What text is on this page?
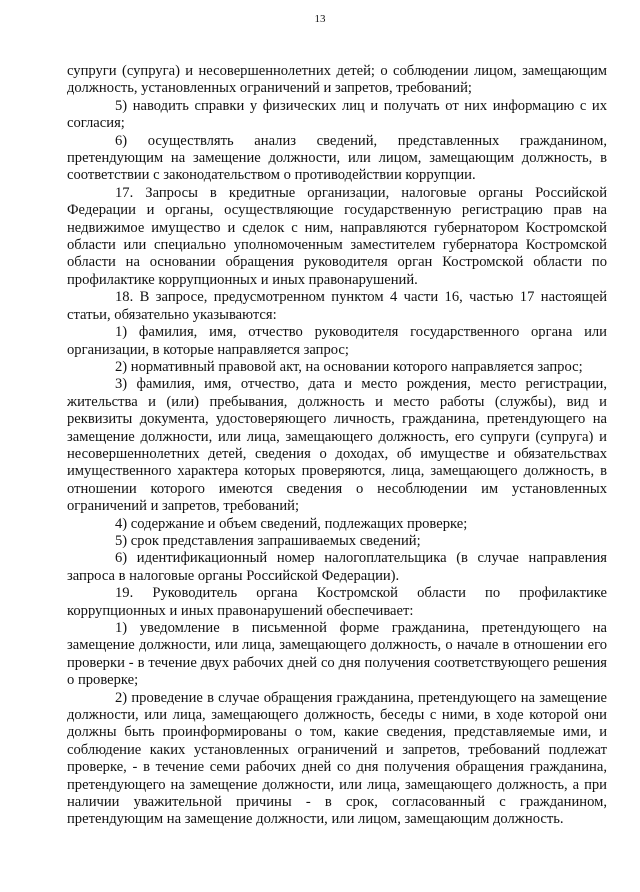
13

супруги (супруга) и несовершеннолетних детей; о соблюдении лицом, замещающим должность, установленных ограничений и запретов, требований;

5) наводить справки у физических лиц и получать от них информацию с их согласия;

6) осуществлять анализ сведений, представленных гражданином, претендующим на замещение должности, или лицом, замещающим должность, в соответствии с законодательством о противодействии коррупции.

17. Запросы в кредитные организации, налоговые органы Российской Федерации и органы, осуществляющие государственную регистрацию прав на недвижимое имущество и сделок с ним, направляются губернатором Костромской области или специально уполномоченным заместителем губернатора Костромской области на основании обращения руководителя орган Костромской области по профилактике коррупционных и иных правонарушений.

18. В запросе, предусмотренном пунктом 4 части 16, частью 17 настоящей статьи, обязательно указываются:

1) фамилия, имя, отчество руководителя государственного органа или организации, в которые направляется запрос;

2) нормативный правовой акт, на основании которого направляется запрос;

3) фамилия, имя, отчество, дата и место рождения, место регистрации, жительства и (или) пребывания, должность и место работы (службы), вид и реквизиты документа, удостоверяющего личность, гражданина, претендующего на замещение должности, или лица, замещающего должность, его супруги (супруга) и несовершеннолетних детей, сведения о доходах, об имуществе и обязательствах имущественного характера которых проверяются, лица, замещающего должность, в отношении которого имеются сведения о несоблюдении им установленных ограничений и запретов, требований;

4) содержание и объем сведений, подлежащих проверке;

5) срок представления запрашиваемых сведений;

6) идентификационный номер налогоплательщика (в случае направления запроса в налоговые органы Российской Федерации).

19. Руководитель органа Костромской области по профилактике коррупционных и иных правонарушений обеспечивает:

1) уведомление в письменной форме гражданина, претендующего на замещение должности, или лица, замещающего должность, о начале в отношении его проверки - в течение двух рабочих дней со дня получения соответствующего решения о проверке;

2) проведение в случае обращения гражданина, претендующего на замещение должности, или лица, замещающего должность, беседы с ними, в ходе которой они должны быть проинформированы о том, какие сведения, представляемые ими, и соблюдение каких установленных ограничений и запретов, требований подлежат проверке, - в течение семи рабочих дней со дня получения обращения гражданина, претендующего на замещение должности, или лица, замещающего должность, а при наличии уважительной причины - в срок, согласованный с гражданином, претендующим на замещение должности, или лицом, замещающим должность.
